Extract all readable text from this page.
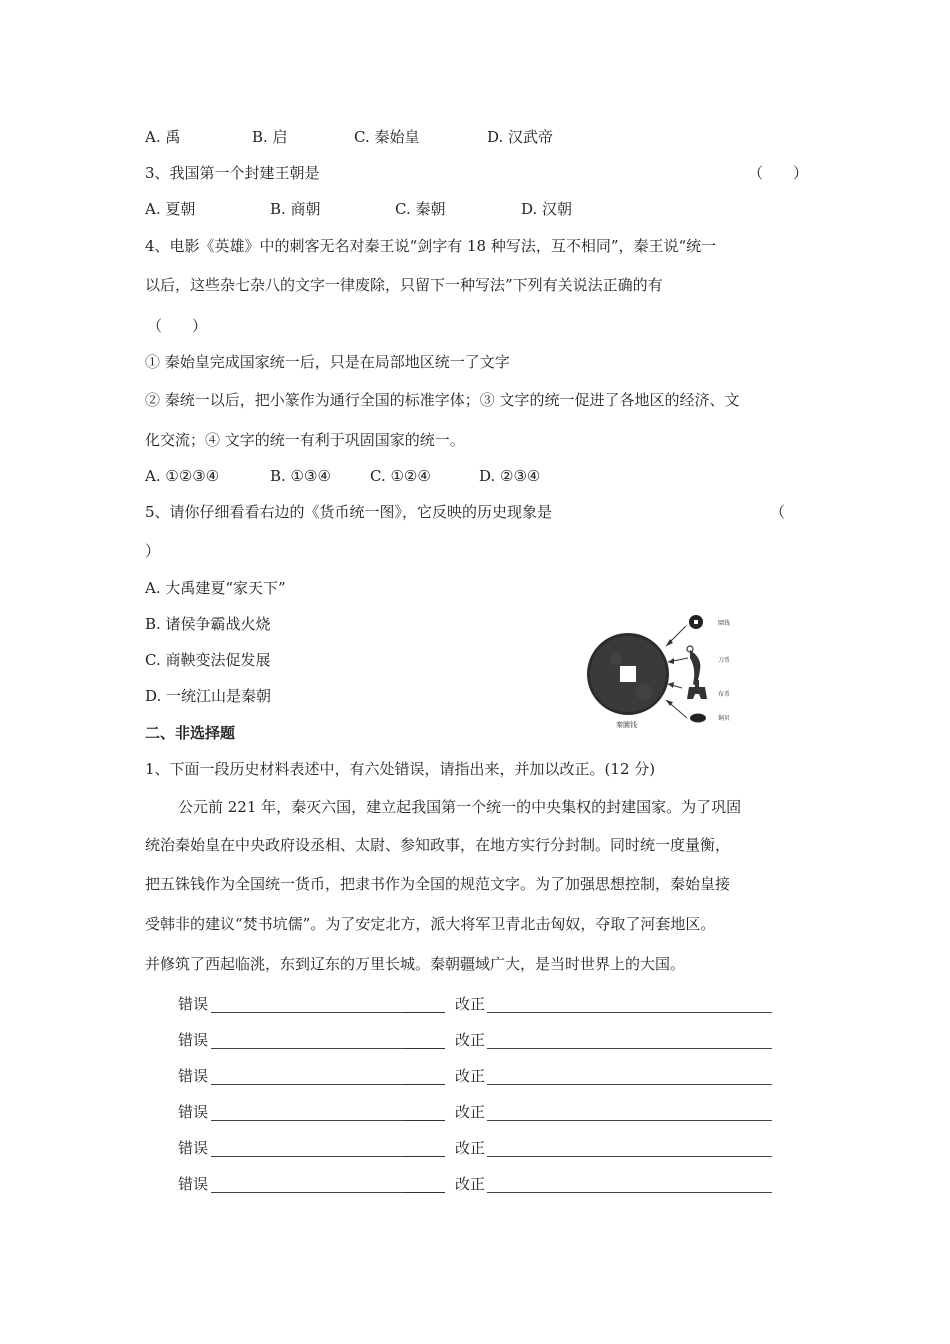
A. 禹	B. 启	C. 秦始皇	D. 汉武帝
3、我国第一个封建王朝是	（　　）
A. 夏朝	B. 商朝	C. 秦朝	D. 汉朝
4、电影《英雄》中的刺客无名对秦王说“剑字有 18 种写法，互不相同”，秦王说“统一
以后，这些杂七杂八的文字一律废除，只留下一种写法”下列有关说法正确的有
（　　）
① 秦始皇完成国家统一后，只是在局部地区统一了文字
② 秦统一以后，把小篆作为通行全国的标准字体；③ 文字的统一促进了各地区的经济、文
化交流；④ 文字的统一有利于巩固国家的统一。
A. ①②③④	B. ①③④	C. ①②④	D. ②③④
5、请你仔细看看右边的《货币统一图》，它反映的历史现象是	（
）
A. 大禹建夏“家天下”
B. 诸侯争霸战火烧
C. 商鞅变法促发展
D. 一统江山是秦朝
秦圜钱
圜钱
刀币
布币
铜贝
二、非选择题
1、下面一段历史材料表述中，有六处错误，请指出来，并加以改正。(12 分)
公元前 221 年，秦灭六国，建立起我国第一个统一的中央集权的封建国家。为了巩固
统治秦始皇在中央政府设丞相、太尉、参知政事，在地方实行分封制。同时统一度量衡，
把五铢钱作为全国统一货币，把隶书作为全国的规范文字。为了加强思想控制，秦始皇接
受韩非的建议“焚书坑儒”。为了安定北方，派大将军卫青北击匈奴，夺取了河套地区。
并修筑了西起临洮，东到辽东的万里长城。秦朝疆域广大，是当时世界上的大国。
错误	改正
错误	改正
错误	改正
错误	改正
错误	改正
错误	改正
